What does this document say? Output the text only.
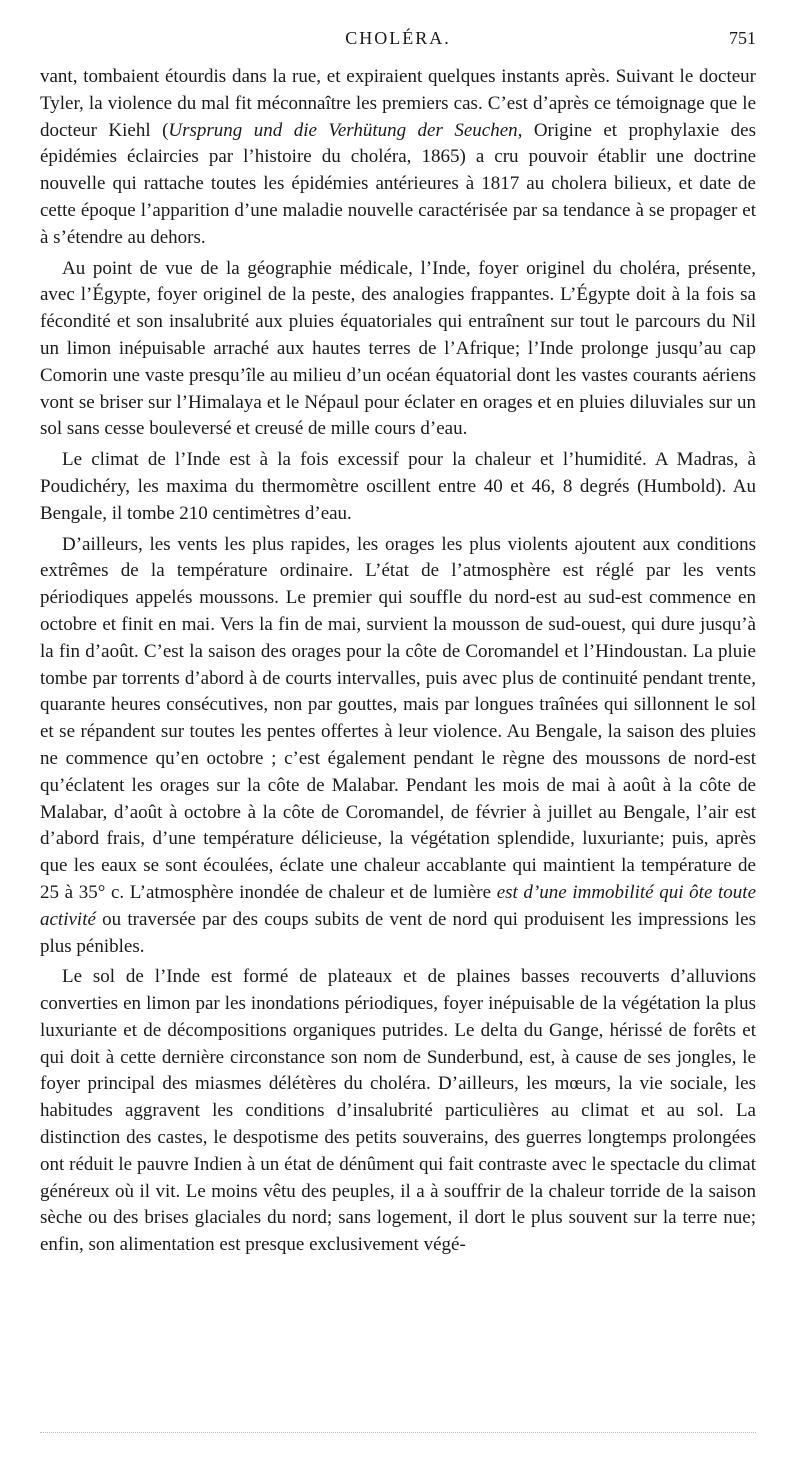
CHOLÉRA.	751

vant, tombaient étourdis dans la rue, et expiraient quelques instants après. Suivant le docteur Tyler, la violence du mal fit méconnaître les premiers cas. C’est d’après ce témoignage que le docteur Kiehl (Ursprung und die Verhütung der Seuchen, Origine et prophylaxie des épidémies éclaircies par l’histoire du choléra, 1865) a cru pouvoir établir une doctrine nouvelle qui rattache toutes les épidémies antérieures à 1817 au cholera bilieux, et date de cette époque l’apparition d’une maladie nouvelle caractérisée par sa tendance à se propager et à s’étendre au dehors.

Au point de vue de la géographie médicale, l’Inde, foyer originel du choléra, présente, avec l’Égypte, foyer originel de la peste, des analogies frappantes. L’Égypte doit à la fois sa fécondité et son insalubrité aux pluies équatoriales qui entraînent sur tout le parcours du Nil un limon inépuisable arraché aux hautes terres de l’Afrique; l’Inde prolonge jusqu’au cap Comorin une vaste presqu’île au milieu d’un océan équatorial dont les vastes courants aériens vont se briser sur l’Himalaya et le Népaul pour éclater en orages et en pluies diluviales sur un sol sans cesse bouleversé et creusé de mille cours d’eau.

Le climat de l’Inde est à la fois excessif pour la chaleur et l’humidité. A Madras, à Poudichéry, les maxima du thermomètre oscillent entre 40 et 46, 8 degrés (Humbold). Au Bengale, il tombe 210 centimètres d’eau.

D’ailleurs, les vents les plus rapides, les orages les plus violents ajoutent aux conditions extrêmes de la température ordinaire. L’état de l’atmosphère est réglé par les vents périodiques appelés moussons. Le premier qui souffle du nord-est au sud-est commence en octobre et finit en mai. Vers la fin de mai, survient la mousson de sud-ouest, qui dure jusqu’à la fin d’août. C’est la saison des orages pour la côte de Coromandel et l’Hindoustan. La pluie tombe par torrents d’abord à de courts intervalles, puis avec plus de continuité pendant trente, quarante heures consécutives, non par gouttes, mais par longues traînées qui sillonnent le sol et se répandent sur toutes les pentes offertes à leur violence. Au Bengale, la saison des pluies ne commence qu’en octobre ; c’est également pendant le règne des moussons de nord-est qu’éclatent les orages sur la côte de Malabar. Pendant les mois de mai à août à la côte de Malabar, d’août à octobre à la côte de Coromandel, de février à juillet au Bengale, l’air est d’abord frais, d’une température délicieuse, la végétation splendide, luxuriante; puis, après que les eaux se sont écoulées, éclate une chaleur accablante qui maintient la température de 25 à 35° c. L’atmosphère inondée de chaleur et de lumière est d’une immobilité qui ôte toute activité ou traversée par des coups subits de vent de nord qui produisent les impressions les plus pénibles.

Le sol de l’Inde est formé de plateaux et de plaines basses recouverts d’alluvions converties en limon par les inondations périodiques, foyer inépuisable de la végétation la plus luxuriante et de décompositions organiques putrides. Le delta du Gange, hérissé de forêts et qui doit à cette dernière circonstance son nom de Sunderbund, est, à cause de ses jongles, le foyer principal des miasmes délétères du choléra. D’ailleurs, les mœurs, la vie sociale, les habitudes aggravent les conditions d’insalubrité particulières au climat et au sol. La distinction des castes, le despotisme des petits souverains, des guerres longtemps prolongées ont réduit le pauvre Indien à un état de dénûment qui fait contraste avec le spectacle du climat généreux où il vit. Le moins vêtu des peuples, il a à souffrir de la chaleur torride de la saison sèche ou des brises glaciales du nord; sans logement, il dort le plus souvent sur la terre nue; enfin, son alimentation est presque exclusivement végé-
